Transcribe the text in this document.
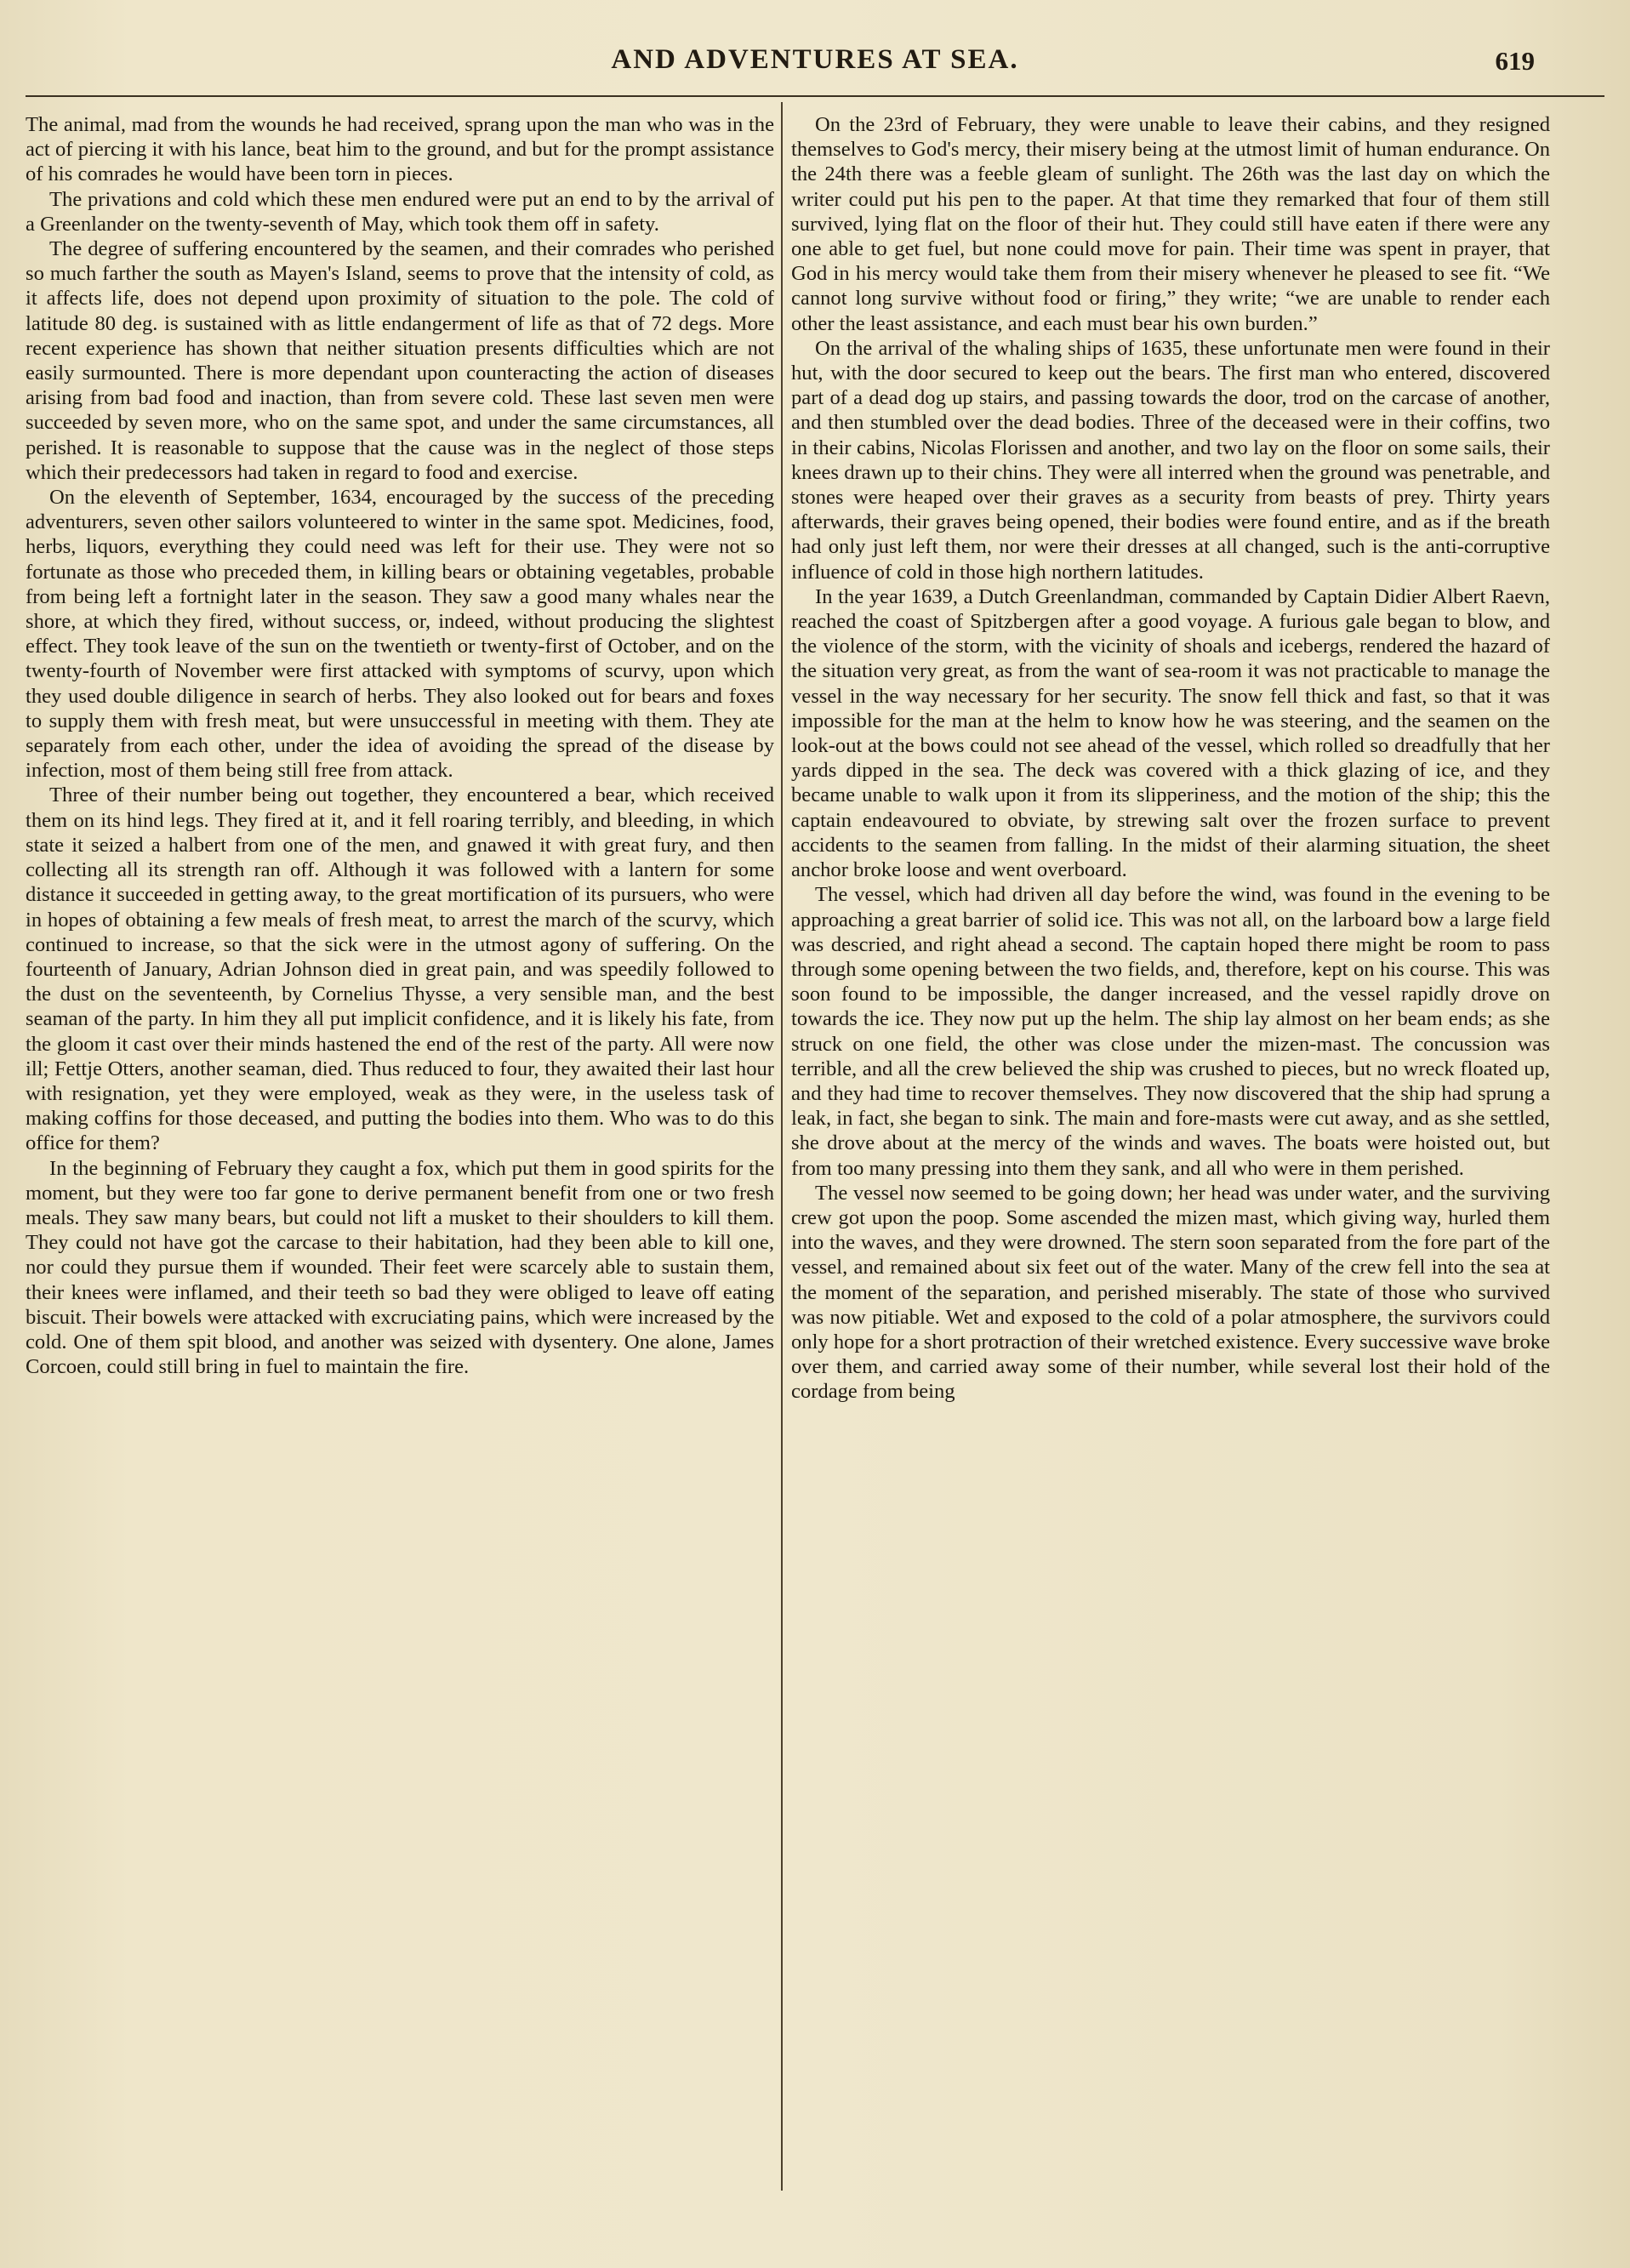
AND ADVENTURES AT SEA.	619

The animal, mad from the wounds he had received, sprang upon the man who was in the act of piercing it with his lance, beat him to the ground, and but for the prompt assistance of his comrades he would have been torn in pieces.

The privations and cold which these men endured were put an end to by the arrival of a Greenlander on the twenty-seventh of May, which took them off in safety.

The degree of suffering encountered by the seamen, and their comrades who perished so much farther the south as Mayen's Island, seems to prove that the intensity of cold, as it affects life, does not depend upon proximity of situation to the pole. The cold of latitude 80 deg. is sustained with as little endangerment of life as that of 72 degs. More recent experience has shown that neither situation presents difficulties which are not easily surmounted. There is more dependant upon counteracting the action of diseases arising from bad food and inaction, than from severe cold. These last seven men were succeeded by seven more, who on the same spot, and under the same circumstances, all perished. It is reasonable to suppose that the cause was in the neglect of those steps which their predecessors had taken in regard to food and exercise.

On the eleventh of September, 1634, encouraged by the success of the preceding adventurers, seven other sailors volunteered to winter in the same spot. Medicines, food, herbs, liquors, everything they could need was left for their use. They were not so fortunate as those who preceded them, in killing bears or obtaining vegetables, probable from being left a fortnight later in the season. They saw a good many whales near the shore, at which they fired, without success, or, indeed, without producing the slightest effect. They took leave of the sun on the twentieth or twenty-first of October, and on the twenty-fourth of November were first attacked with symptoms of scurvy, upon which they used double diligence in search of herbs. They also looked out for bears and foxes to supply them with fresh meat, but were unsuccessful in meeting with them. They ate separately from each other, under the idea of avoiding the spread of the disease by infection, most of them being still free from attack.

Three of their number being out together, they encountered a bear, which received them on its hind legs. They fired at it, and it fell roaring terribly, and bleeding, in which state it seized a halbert from one of the men, and gnawed it with great fury, and then collecting all its strength ran off. Although it was followed with a lantern for some distance it succeeded in getting away, to the great mortification of its pursuers, who were in hopes of obtaining a few meals of fresh meat, to arrest the march of the scurvy, which continued to increase, so that the sick were in the utmost agony of suffering. On the fourteenth of January, Adrian Johnson died in great pain, and was speedily followed to the dust on the seventeenth, by Cornelius Thysse, a very sensible man, and the best seaman of the party. In him they all put implicit confidence, and it is likely his fate, from the gloom it cast over their minds hastened the end of the rest of the party. All were now ill; Fettje Otters, another seaman, died. Thus reduced to four, they awaited their last hour with resignation, yet they were employed, weak as they were, in the useless task of making coffins for those deceased, and putting the bodies into them. Who was to do this office for them?

In the beginning of February they caught a fox, which put them in good spirits for the moment, but they were too far gone to derive permanent benefit from one or two fresh meals. They saw many bears, but could not lift a musket to their shoulders to kill them. They could not have got the carcase to their habitation, had they been able to kill one, nor could they pursue them if wounded. Their feet were scarcely able to sustain them, their knees were inflamed, and their teeth so bad they were obliged to leave off eating biscuit. Their bowels were attacked with excruciating pains, which were increased by the cold. One of them spit blood, and another was seized with dysentery. One alone, James Corcoen, could still bring in fuel to maintain the fire.

On the 23rd of February, they were unable to leave their cabins, and they resigned themselves to God's mercy, their misery being at the utmost limit of human endurance. On the 24th there was a feeble gleam of sunlight. The 26th was the last day on which the writer could put his pen to the paper. At that time they remarked that four of them still survived, lying flat on the floor of their hut. They could still have eaten if there were any one able to get fuel, but none could move for pain. Their time was spent in prayer, that God in his mercy would take them from their misery whenever he pleased to see fit. “We cannot long survive without food or firing,” they write; “we are unable to render each other the least assistance, and each must bear his own burden.”

On the arrival of the whaling ships of 1635, these unfortunate men were found in their hut, with the door secured to keep out the bears. The first man who entered, discovered part of a dead dog up stairs, and passing towards the door, trod on the carcase of another, and then stumbled over the dead bodies. Three of the deceased were in their coffins, two in their cabins, Nicolas Florissen and another, and two lay on the floor on some sails, their knees drawn up to their chins. They were all interred when the ground was penetrable, and stones were heaped over their graves as a security from beasts of prey. Thirty years afterwards, their graves being opened, their bodies were found entire, and as if the breath had only just left them, nor were their dresses at all changed, such is the anti-corruptive influence of cold in those high northern latitudes.

In the year 1639, a Dutch Greenlandman, commanded by Captain Didier Albert Raevn, reached the coast of Spitzbergen after a good voyage. A furious gale began to blow, and the violence of the storm, with the vicinity of shoals and icebergs, rendered the hazard of the situation very great, as from the want of sea-room it was not practicable to manage the vessel in the way necessary for her security. The snow fell thick and fast, so that it was impossible for the man at the helm to know how he was steering, and the seamen on the look-out at the bows could not see ahead of the vessel, which rolled so dreadfully that her yards dipped in the sea. The deck was covered with a thick glazing of ice, and they became unable to walk upon it from its slipperiness, and the motion of the ship; this the captain endeavoured to obviate, by strewing salt over the frozen surface to prevent accidents to the seamen from falling. In the midst of their alarming situation, the sheet anchor broke loose and went overboard.

The vessel, which had driven all day before the wind, was found in the evening to be approaching a great barrier of solid ice. This was not all, on the larboard bow a large field was descried, and right ahead a second. The captain hoped there might be room to pass through some opening between the two fields, and, therefore, kept on his course. This was soon found to be impossible, the danger increased, and the vessel rapidly drove on towards the ice. They now put up the helm. The ship lay almost on her beam ends; as she struck on one field, the other was close under the mizen-mast. The concussion was terrible, and all the crew believed the ship was crushed to pieces, but no wreck floated up, and they had time to recover themselves. They now discovered that the ship had sprung a leak, in fact, she began to sink. The main and fore-masts were cut away, and as she settled, she drove about at the mercy of the winds and waves. The boats were hoisted out, but from too many pressing into them they sank, and all who were in them perished.

The vessel now seemed to be going down; her head was under water, and the surviving crew got upon the poop. Some ascended the mizen mast, which giving way, hurled them into the waves, and they were drowned. The stern soon separated from the fore part of the vessel, and remained about six feet out of the water. Many of the crew fell into the sea at the moment of the separation, and perished miserably. The state of those who survived was now pitiable. Wet and exposed to the cold of a polar atmosphere, the survivors could only hope for a short protraction of their wretched existence. Every successive wave broke over them, and carried away some of their number, while several lost their hold of the cordage from being
